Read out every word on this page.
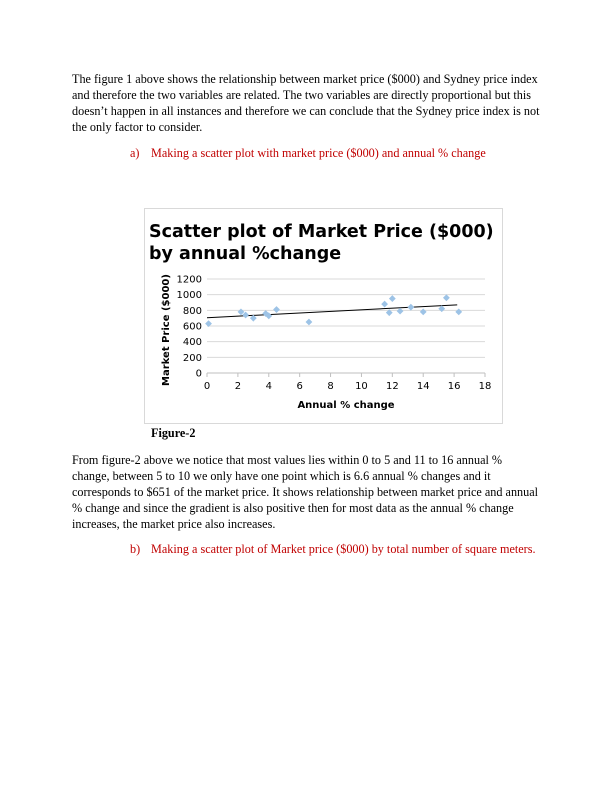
The figure 1 above shows the relationship between market price ($000) and Sydney price index and therefore the two variables are related. The two variables are directly proportional but this doesn’t happen in all instances and therefore we can conclude that the Sydney price index is not the only factor to consider.

a) Making a scatter plot with market price ($000) and annual % change
Scatter plot of Market Price ($000) by annual %change
0
200
400
600
800
1000
1200
0 2 4 6 8 10 12 14 16 18
Annual % change
Market Price ($000)
Figure-2

From figure-2 above we notice that most values lies within 0 to 5 and 11 to 16 annual % change, between 5 to 10 we only have one point which is 6.6 annual % changes and it corresponds to $651 of the market price. It shows relationship between market price and annual % change and since the gradient is also positive then for most data as the annual % change increases, the market price also increases.

b) Making a scatter plot of Market price ($000) by total number of square meters.
